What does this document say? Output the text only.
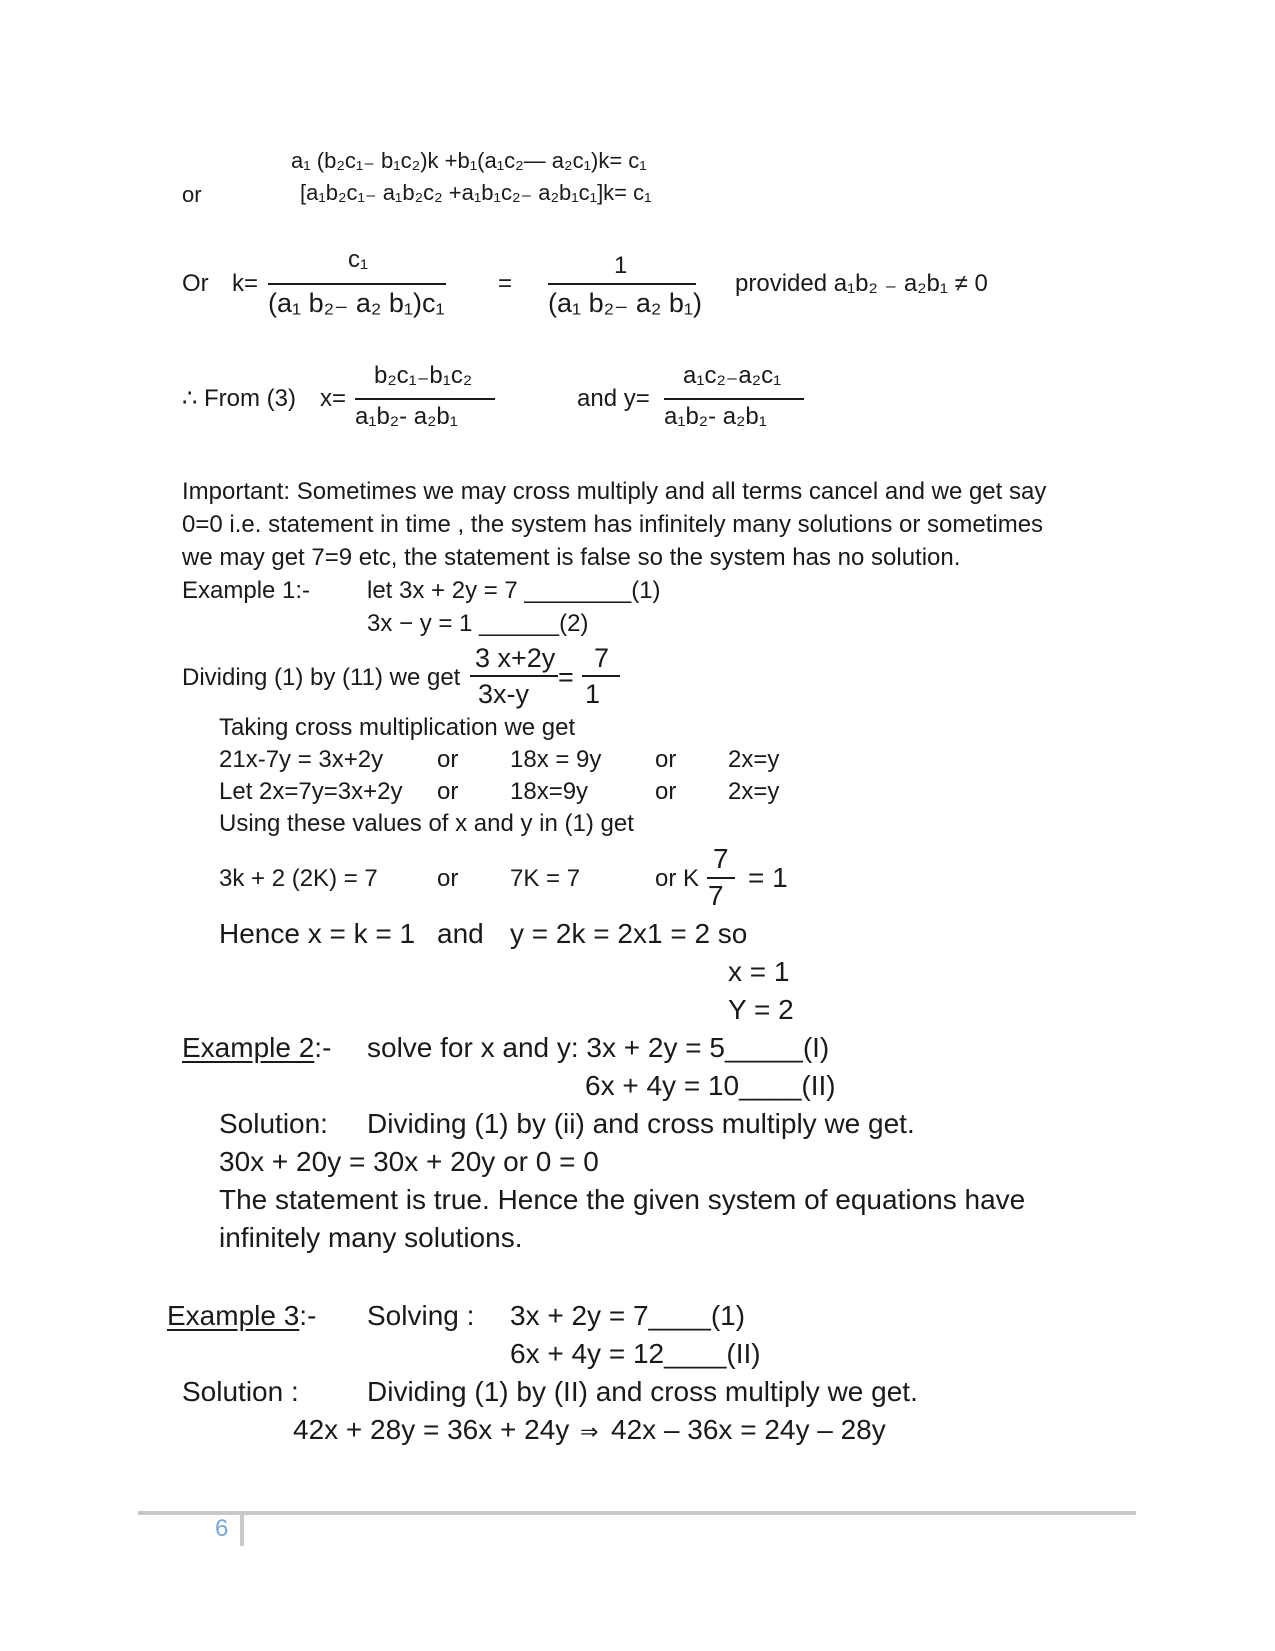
a₁ (b₂c₁₋ b₁c₂)k +b₁(a₁c₂— a₂c₁)k= c₁
or	[a₁b₂c₁₋ a₁b₂c₂ +a₁b₁c₂₋ a₂b₁c₁]k= c₁
Or k=
c₁
(a₁ b₂₋ a₂ b₁)c₁
=
1
(a₁ b₂₋ a₂ b₁)
provided a₁b₂ ₋ a₂b₁ ≠ 0
∴ From (3) x=
b₂c₁₋b₁c₂
a₁b₂- a₂b₁
and y=
a₁c₂₋a₂c₁
a₁b₂- a₂b₁
Important: Sometimes we may cross multiply and all terms cancel and we get say
0=0 i.e. statement in time , the system has infinitely many solutions or sometimes
we may get 7=9 etc, the statement is false so the system has no solution.
Example 1:- let 3x + 2y = 7 ________(1)
3x − y = 1 ______(2)
Dividing (1) by (11) we get
3 x+2y
3x-y
=
7
1
Taking cross multiplication we get
21x-7y = 3x+2y or 18x = 9y or 2x=y
Let 2x=7y=3x+2y or 18x=9y	or 2x=y
Using these values of x and y in (1) get
3k + 2 (2K) = 7 or 7K = 7	or K
7
7
= 1
Hence x = k = 1 and y = 2k = 2x1 = 2 so
x = 1
Y = 2
Example 2:- solve for x and y: 3x + 2y = 5_____(I)
6x + 4y = 10____(II)
Solution: Dividing (1) by (ii) and cross multiply we get.
30x + 20y = 30x + 20y or 0 = 0
The statement is true. Hence the given system of equations have
infinitely many solutions.
Example 3:- Solving : 3x + 2y = 7____(1)
6x + 4y = 12____(II)
Solution : Dividing (1) by (II) and cross multiply we get.
42x + 28y = 36x + 24y ⇒ 42x – 36x = 24y – 28y
6
